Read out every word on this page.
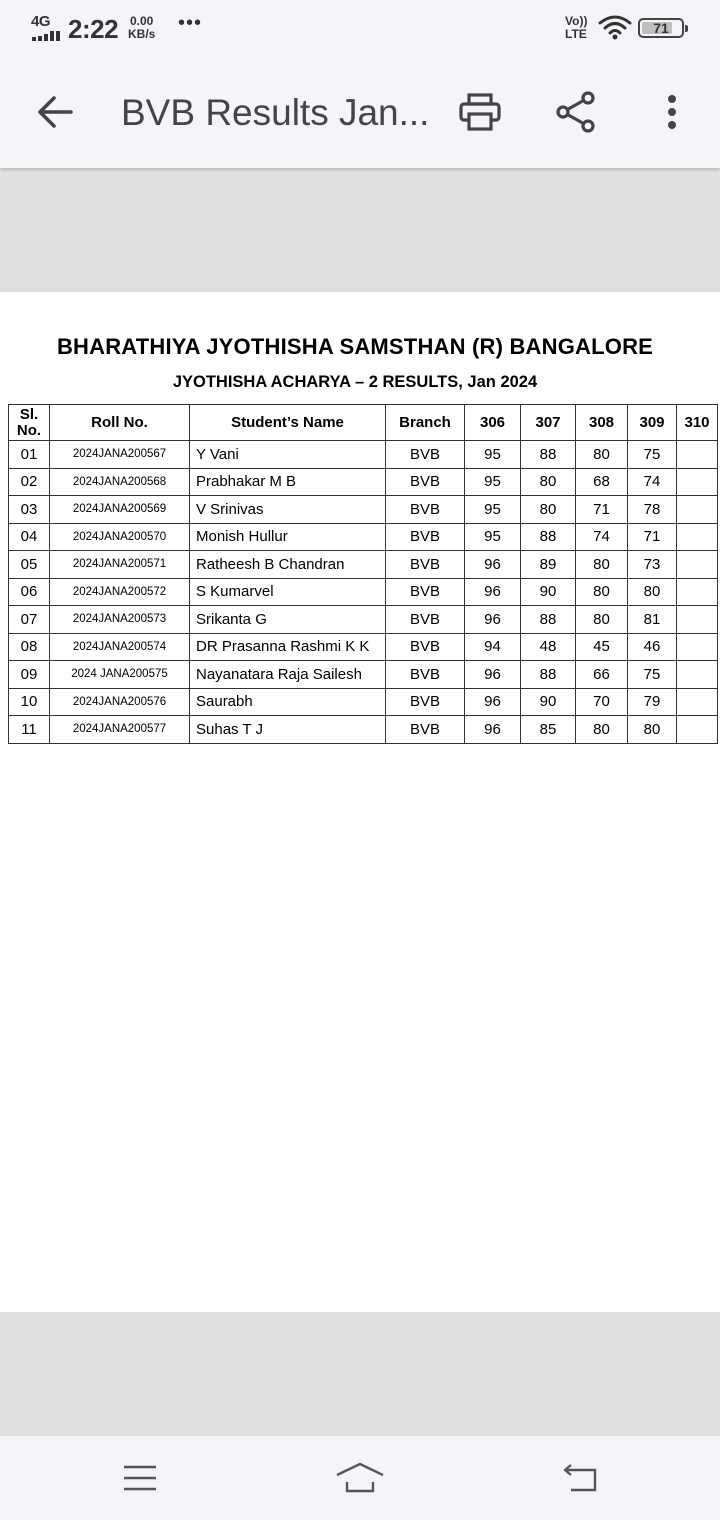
4G 2:22 0.00
KB/s •••	Vo))
LTE	71
BVB Results Jan...
BHARATHIYA JYOTHISHA SAMSTHAN (R) BANGALORE
JYOTHISHA ACHARYA – 2 RESULTS, Jan 2024
Sl. No.	Roll No.	Student’s Name	Branch	306	307	308	309	310
01	2024JANA200567	Y Vani	BVB	95	88	80	75	
02	2024JANA200568	Prabhakar M B	BVB	95	80	68	74	
03	2024JANA200569	V Srinivas	BVB	95	80	71	78	
04	2024JANA200570	Monish Hullur	BVB	95	88	74	71	
05	2024JANA200571	Ratheesh B Chandran	BVB	96	89	80	73	
06	2024JANA200572	S Kumarvel	BVB	96	90	80	80	
07	2024JANA200573	Srikanta G	BVB	96	88	80	81	
08	2024JANA200574	DR Prasanna Rashmi K K	BVB	94	48	45	46	
09	2024 JANA200575	Nayanatara Raja Sailesh	BVB	96	88	66	75	
10	2024JANA200576	Saurabh	BVB	96	90	70	79	
11	2024JANA200577	Suhas T J	BVB	96	85	80	80	
